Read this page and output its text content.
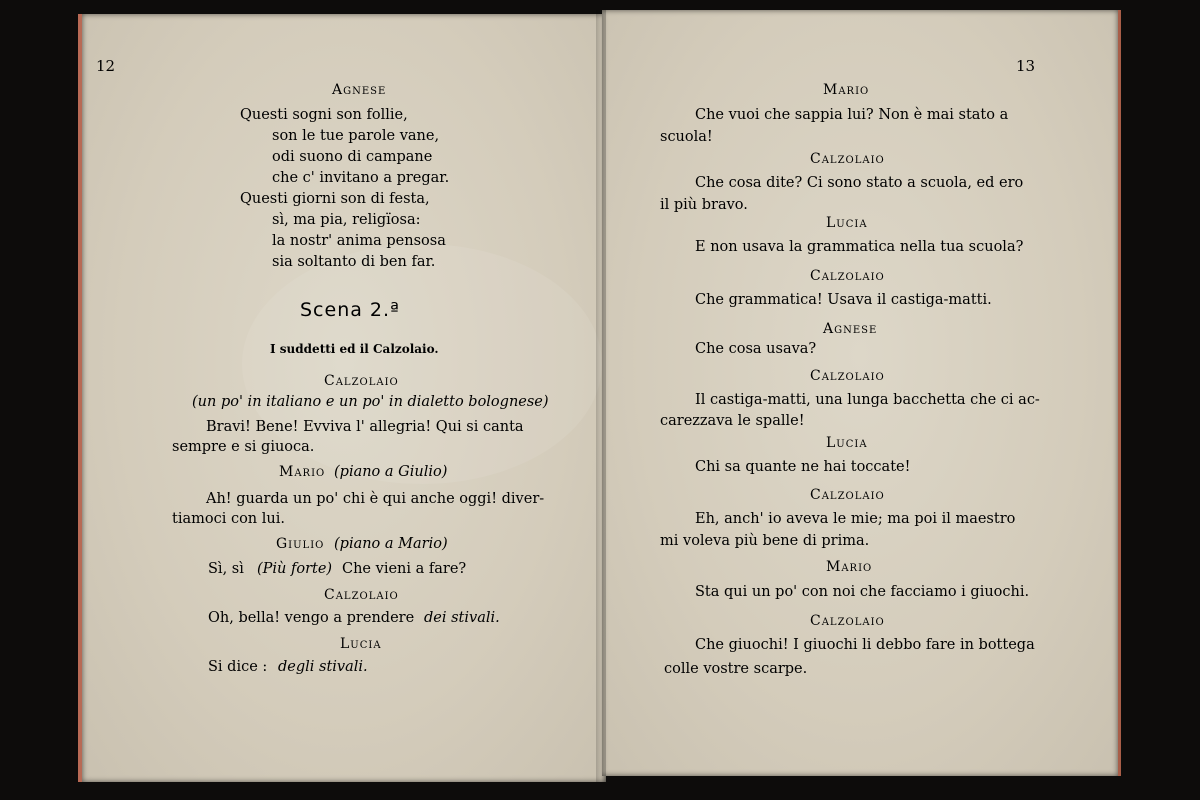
12
Agnese
Questi sogni son follie,
son le tue parole vane,
odi suono di campane
che c' invitano a pregar.
Questi giorni son di festa,
sì, ma pia, religïosa:
la nostr' anima pensosa
sia soltanto di ben far.
Scena 2.ª
I suddetti ed il Calzolaio.
Calzolaio
(un po' in italiano e un po' in dialetto bolognese)
Bravi! Bene! Evviva l' allegria! Qui si canta
sempre e si giuoca.
Mario (piano a Giulio)
Ah! guarda un po' chi è qui anche oggi! diver-
tiamoci con lui.
Giulio (piano a Mario)
Sì, sì (Più forte) Che vieni a fare?
Calzolaio
Oh, bella! vengo a prendere dei stivali.
Lucia
Si dice : degli stivali.
13
Mario
Che vuoi che sappia lui? Non è mai stato a
scuola!
Calzolaio
Che cosa dite? Ci sono stato a scuola, ed ero
il più bravo.
Lucia
E non usava la grammatica nella tua scuola?
Calzolaio
Che grammatica! Usava il castiga-matti.
Agnese
Che cosa usava?
Calzolaio
Il castiga-matti, una lunga bacchetta che ci ac-
carezzava le spalle!
Lucia
Chi sa quante ne hai toccate!
Calzolaio
Eh, anch' io aveva le mie; ma poi il maestro
mi voleva più bene di prima.
Mario
Sta qui un po' con noi che facciamo i giuochi.
Calzolaio
Che giuochi! I giuochi li debbo fare in bottega
colle vostre scarpe.
